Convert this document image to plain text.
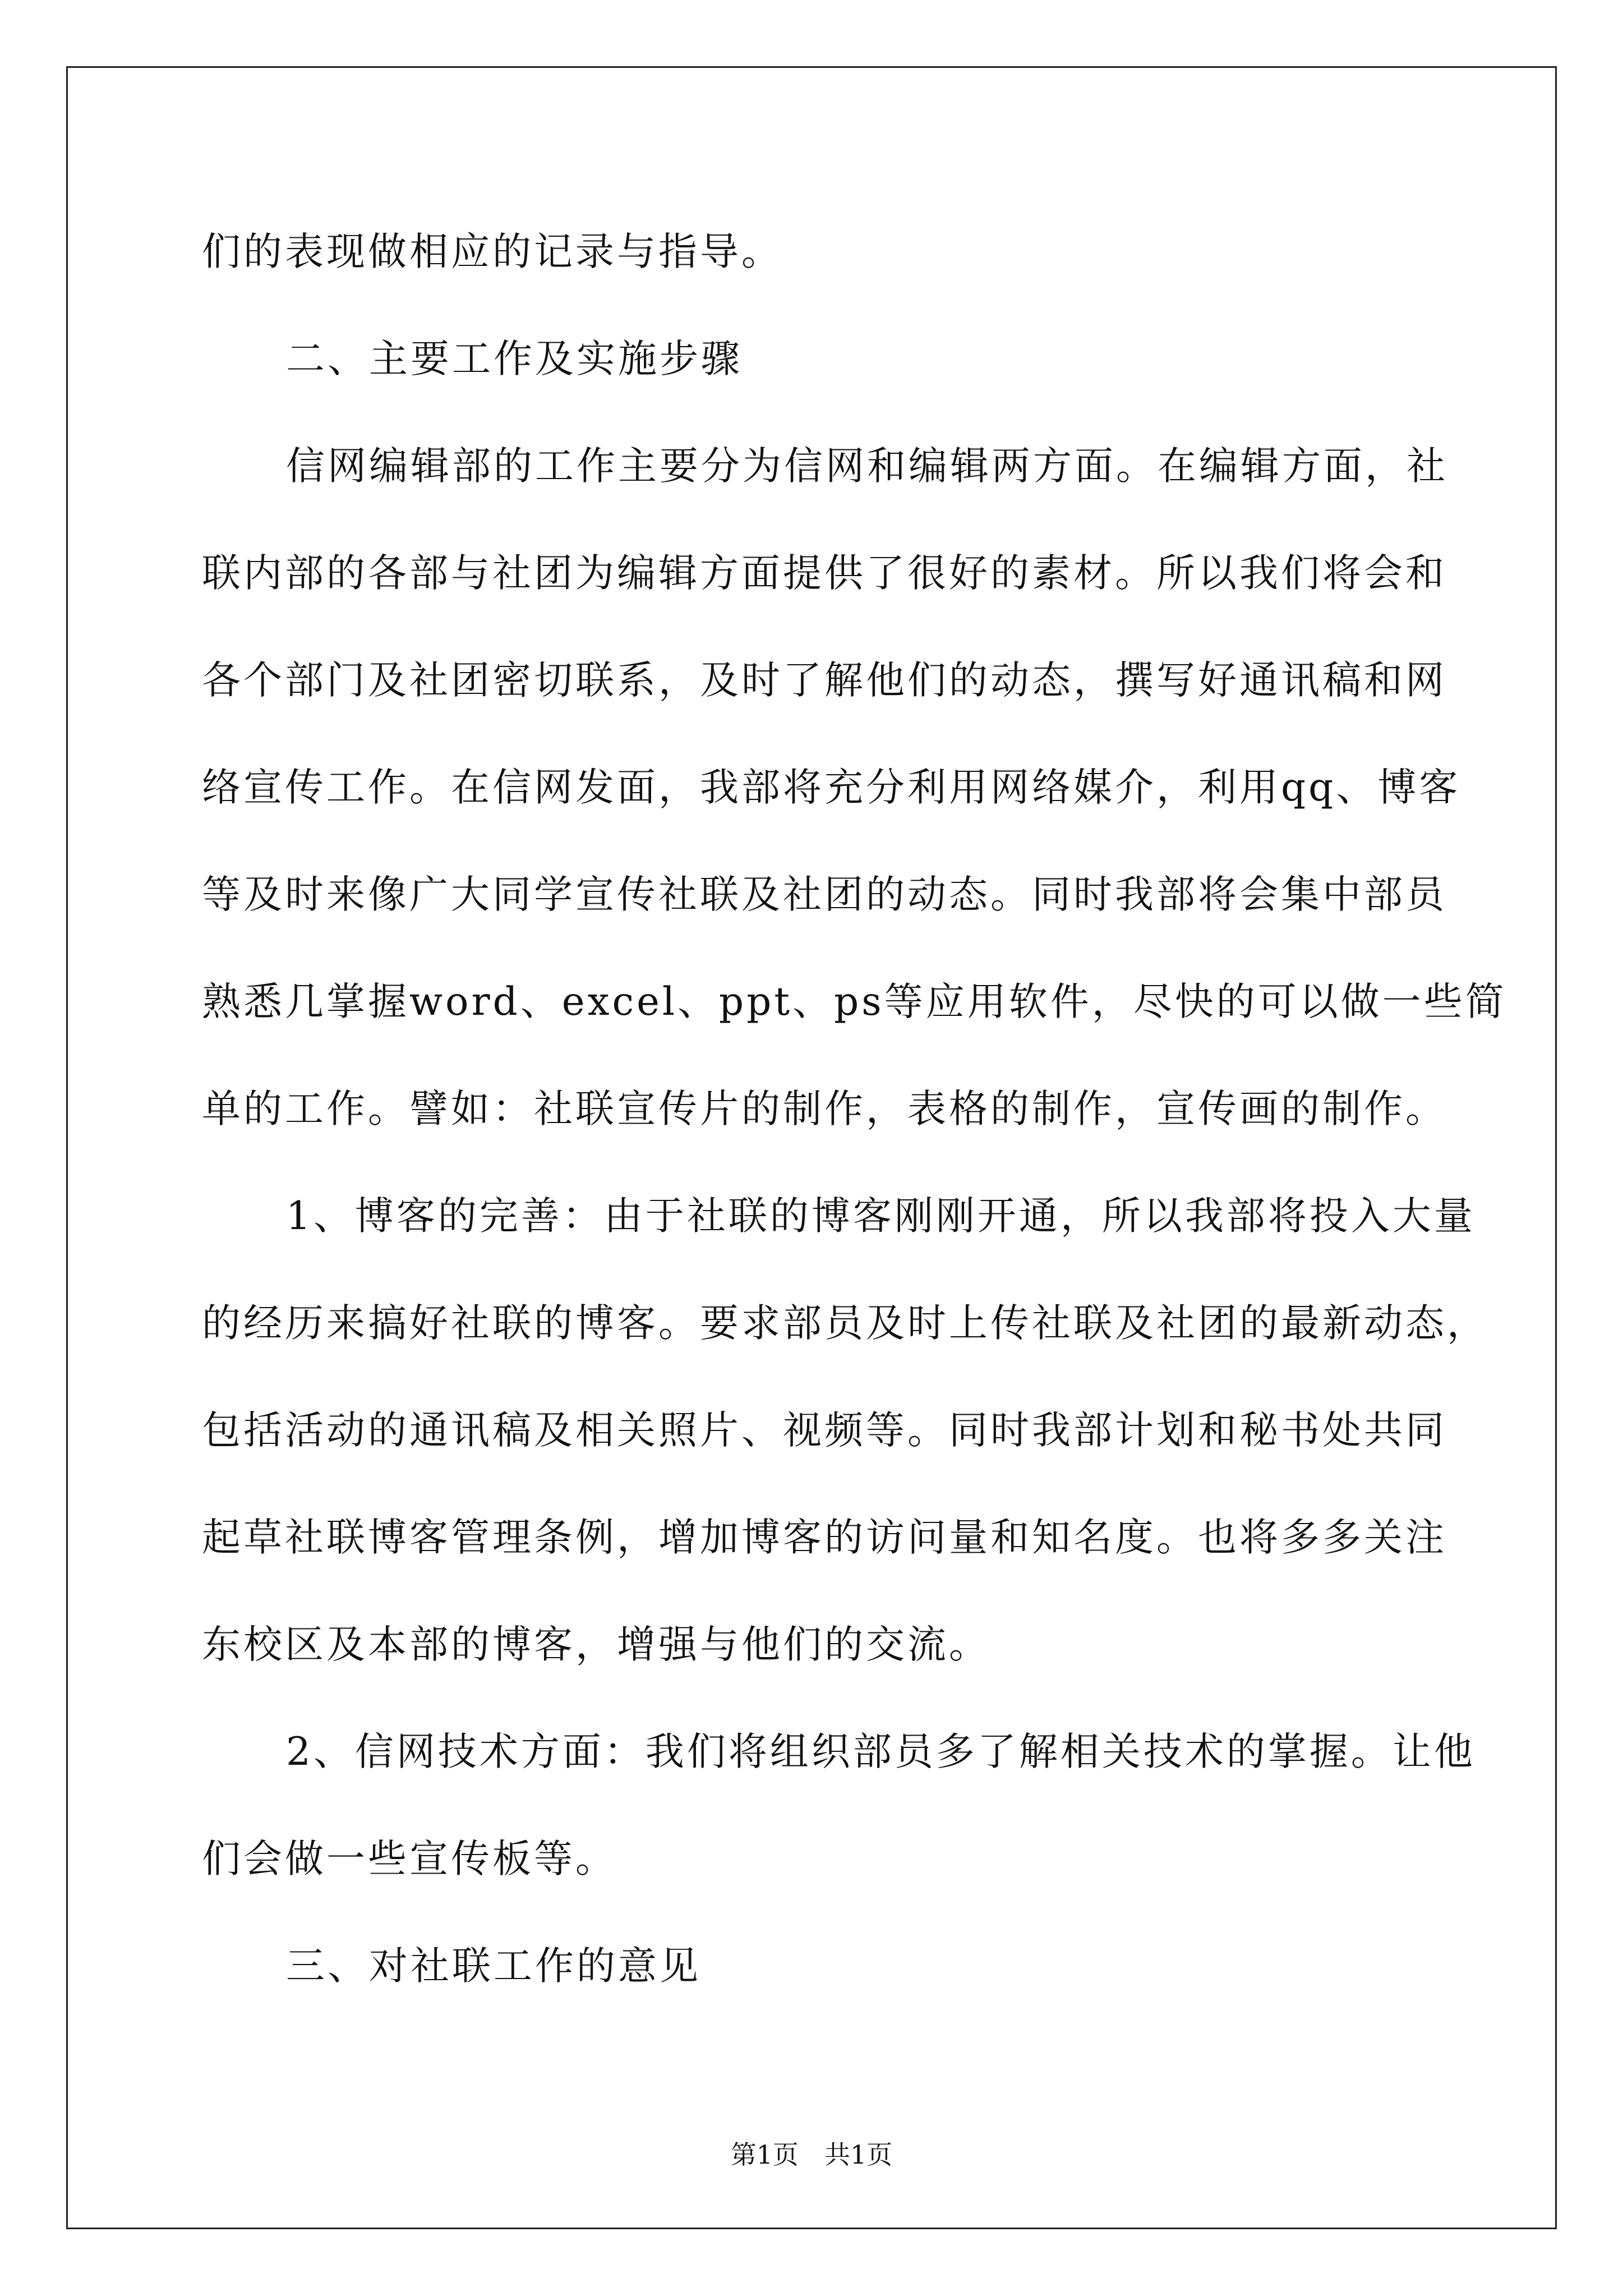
们的表现做相应的记录与指导。
二、主要工作及实施步骤
信网编辑部的工作主要分为信网和编辑两方面。在编辑方面，社
联内部的各部与社团为编辑方面提供了很好的素材。所以我们将会和
各个部门及社团密切联系，及时了解他们的动态，撰写好通讯稿和网
络宣传工作。在信网发面，我部将充分利用网络媒介，利用qq、博客
等及时来像广大同学宣传社联及社团的动态。同时我部将会集中部员
熟悉几掌握word、excel、ppt、ps等应用软件，尽快的可以做一些简
单的工作。譬如：社联宣传片的制作，表格的制作，宣传画的制作。
1、博客的完善：由于社联的博客刚刚开通，所以我部将投入大量
的经历来搞好社联的博客。要求部员及时上传社联及社团的最新动态，
包括活动的通讯稿及相关照片、视频等。同时我部计划和秘书处共同
起草社联博客管理条例，增加博客的访问量和知名度。也将多多关注
东校区及本部的博客，增强与他们的交流。
2、信网技术方面：我们将组织部员多了解相关技术的掌握。让他
们会做一些宣传板等。
三、对社联工作的意见
第1页　共1页
